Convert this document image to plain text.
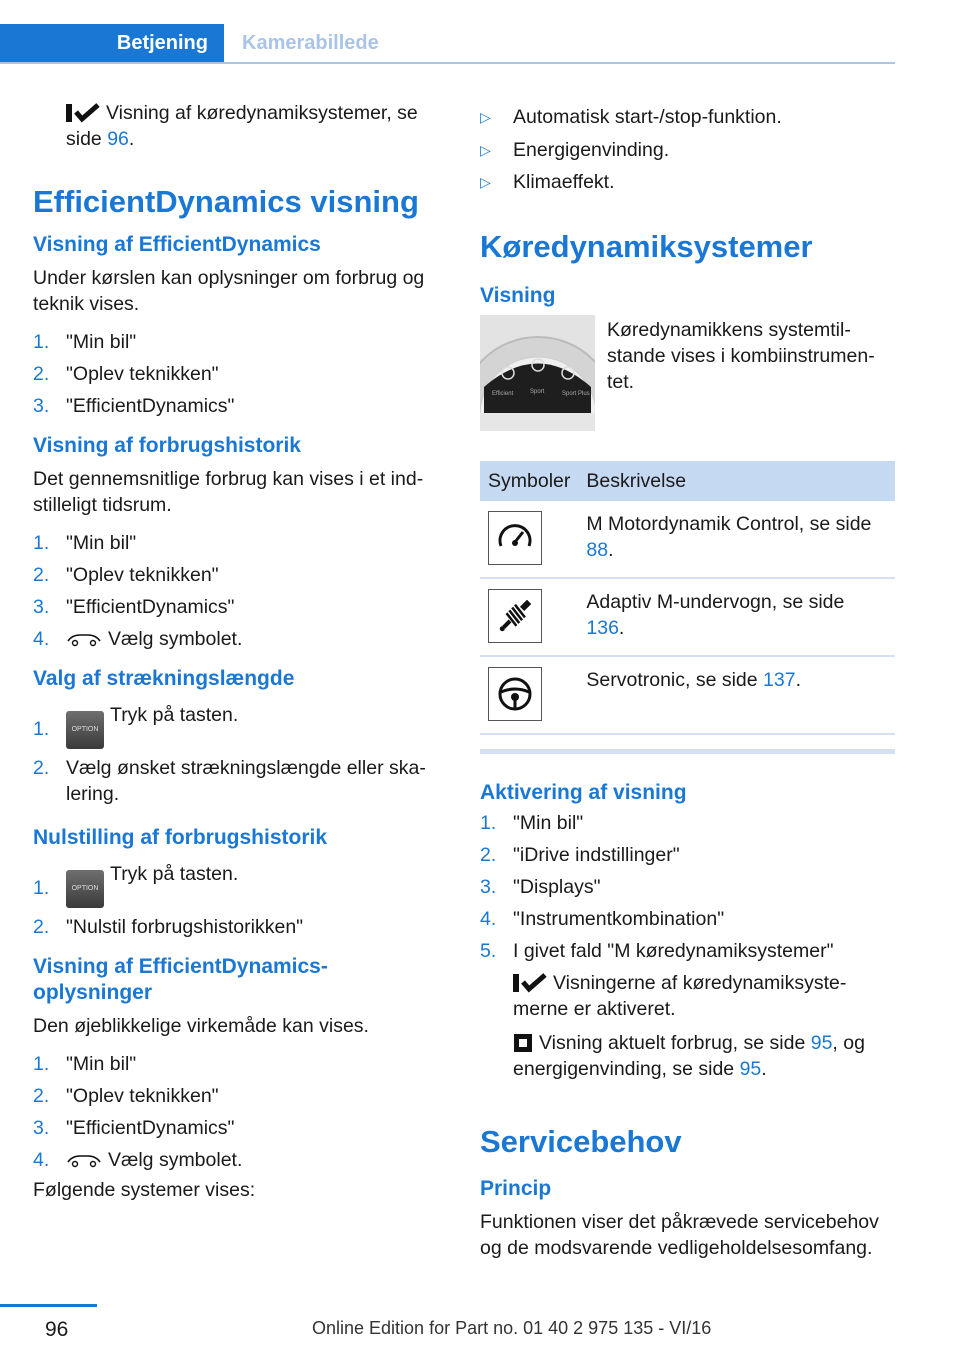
Betjening	Kamerabillede

Visning af køredynamiksystemer, se side 96.

EfficientDynamics visning
Visning af EfficientDynamics

Under kørslen kan oplysninger om forbrug og teknik vises.

1. "Min bil"
2. "Oplev teknikken"
3. "EfficientDynamics"
Visning af forbrugshistorik

Det gennemsnitlige forbrug kan vises i et ind-stilleligt tidsrum.

1. "Min bil"
2. "Oplev teknikken"
3. "EfficientDynamics"
4.	Vælg symbolet.
Valg af strækningslængde
1.	OPTIONTryk på tasten.
2. Vælg ønsket strækningslængde eller ska-lering.
Nulstilling af forbrugshistorik
1.	OPTIONTryk på tasten.
2. "Nulstil forbrugshistorikken"
Visning af EfficientDynamics-oplysninger

Den øjeblikkelige virkemåde kan vises.

1. "Min bil"
2. "Oplev teknikken"
3. "EfficientDynamics"
4.	Vælg symbolet.

Følgende systemer vises:

▷ Automatisk start-/stop-funktion.
▷ Energigenvinding.
▷ Klimaeffekt.
Køredynamiksystemer
Visning
Efficient	Sport	Sport Plus

Køredynamikkens systemtil-stande vises i kombiinstrumen-tet.

Symboler	Beskrivelse

	M Motordynamik Control, se side 88.

	Adaptiv M-undervogn, se side 136.

	Servotronic, se side 137.
Aktivering af visning
1. "Min bil"
2. "iDrive indstillinger"
3. "Displays"
4. "Instrumentkombination"
5. I givet fald "M køredynamiksystemer"

Visningerne af køredynamiksyste-merne er aktiveret.

Visning aktuelt forbrug, se side 95, og energigenvinding, se side 95.

Servicebehov
Princip

Funktionen viser det påkrævede servicebehov og de modsvarende vedligeholdelsesomfang.

96	Online Edition for Part no. 01 40 2 975 135 - VI/16
